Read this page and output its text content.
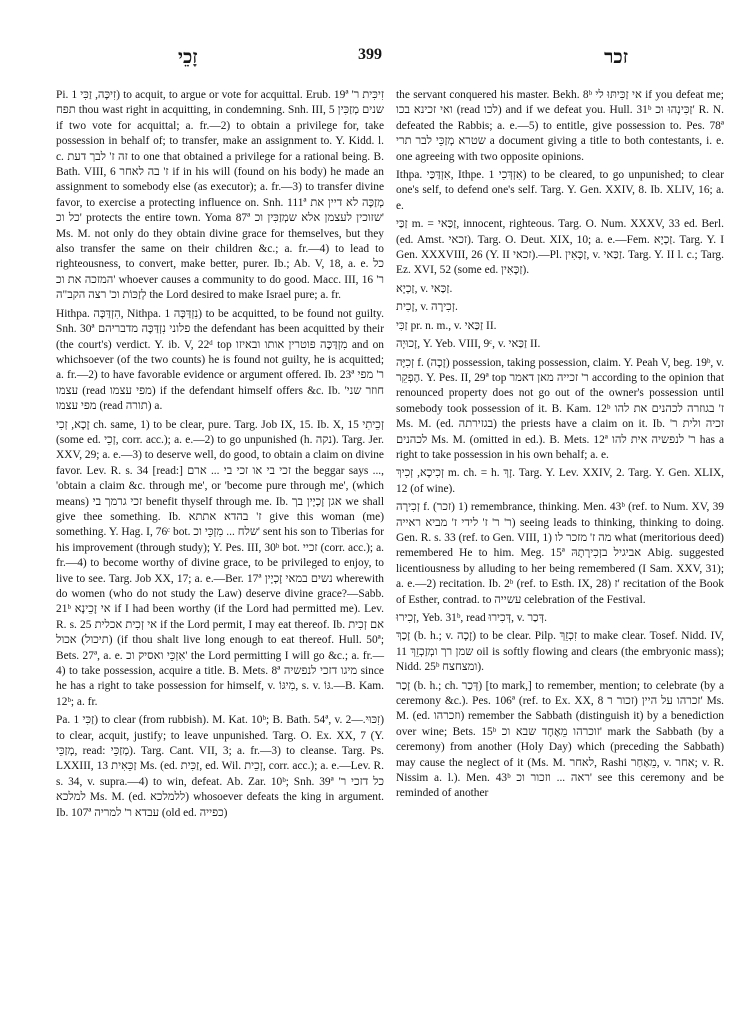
זָכֵי	399	זכר

Pi. זִיכָּה, זַכִּי 1) to acquit, to argue or vote for acquittal. Erub. 19ª זִיכִּית ר' תפח thou wast right in acquitting, in condemning. Snh. III, 5 שנים מְזַכִּין if two vote for acquittal; a. fr.—2) to obtain a privilege for, take possession in behalf of; to transfer, make an assignment to. Y. Kidd. l. c. זה ז' לבך דעת to one that obtained a privilege for a rational being. B. Bath. VIII, 6 ז' בה לאחר if in his will (found on his body) he made an assignment to somebody else (as executor); a. fr.—3) to transfer divine favor, to exercise a protecting influence on. Snh. 111ª מְזַכָּה לא דיין את כל וכ' protects the entire town. Yoma 87ª שזוכין לעצמן אלא שמְזַכִּין וכ' Ms. M. not only do they obtain divine grace for themselves, but they also transfer the same on their children &c.; a. fr.—4) to lead to righteousness, to convert, make better, purer. Ib.; Ab. V, 18, a. e. כל המזכה את וכ' whoever causes a community to do good. Macc. III, 16 ר' לְזַכּוֹת וכ' רצה הקב"ה the Lord desired to make Israel pure; a. fr.

Hithpa. הִזְדַּכָּה, Nithpa. נִזְדַּכָּה 1) to be acquitted, to be found not guilty. Snh. 30ª פלוני נִזְדַּכָּה מדבריהם the defendant has been acquitted by their (the court's) verdict. Y. ib. V, 22ᵈ top מִזְדַּכֶּה פוטרין אותו ובאיזו and on whichsoever (of the two counts) he is found not guilty, he is acquitted; a. fr.—2) to have favorable evidence or argument offered. Ib. 23ª ר' מפי עצמו (read מפי עצמו) if the defendant himself offers &c. Ib. חוזר שני' מפי עצמו (read תורה) a.

זָכָא, זְכִי ch. same, 1) to be clear, pure. Targ. Job IX, 15. Ib. X, 15 זְכֵיתִי (some ed. זְכֵי, corr. acc.); a. e.—2) to go unpunished (h. נקה). Targ. Jer. XXV, 29; a. e.—3) to deserve well, do good, to obtain a claim on divine favor. Lev. R. s. 34 [read:] זכי בי או זכי בי ... ארם the beggar says ..., 'obtain a claim &c. through me', or 'become pure through me', (which means) זכי גרמך בי benefit thyself through me. Ib. אגן זָכְיָין בך we shall give thee something. Ib. ז' בהדא אתתא give this woman (me) something. Y. Hag. I, 76ᶜ bot. שלח ... מִזְכֵּי וכ' sent his son to Tiberias for his improvement (through study); Y. Pes. III, 30ᵇ bot. זכיי (corr. acc.); a. fr.—4) to become worthy of divine grace, to be privileged to enjoy, to live to see. Targ. Job XX, 17; a. e.—Ber. 17ª נשים במאי זָכְיָין wherewith do women (who do not study the Law) deserve divine grace?—Sabb. 21ᵇ אי זָכֵינָא if I had been worthy (if the Lord had permitted me). Lev. R. s. 25 אי זְכִית אכלית if the Lord permit, I may eat thereof. Ib. אם זְכִית (תיכול) אכול (if thou shalt live long enough to eat thereof. Hull. 50ª; Bets. 27ª, a. e. אִזְכֵּי ואסיק וכ' the Lord permitting I will go &c.; a. fr.—4) to take possession, acquire a title. B. Mets. 8ª מיגו דזכי לנפשיה since he has a right to take possession for himself, v. מִיגּוֹ, s. v. גּוֹ.—B. Kam. 12ᵇ; a. fr.

Pa. זַכִּי 1) to clear (from rubbish). M. Kat. 10ᵇ; B. Bath. 54ª, v. זִכּוּי.—2) to clear, acquit, justify; to leave unpunished. Targ. O. Ex. XX, 7 (Y. מְזַכֵּי, read: מְזַכֵּי). Targ. Cant. VII, 3; a. fr.—3) to cleanse. Targ. Ps. LXXIII, 13 זַכֵּאִית Ms. (ed. זַכִּית, ed. Wil. זְכֵית, corr. acc.); a. e.—Lev. R. s. 34, v. supra.—4) to win, defeat. Ab. Zar. 10ᵇ; Snh. 39ª כל דזכי ר' למלכא Ms. M. (ed. ללמלכא) whosoever defeats the king in argument. Ib. 107ª עבדא ר' למריה (old ed. כפייה)

the servant conquered his master. Bekh. 8ᵇ אי זַכִּיתּוּ לי if you defeat me; ואי זכינא בכו (read לכו) and if we defeat you. Hull. 31ᵇ זַכִּינְהוּ וכ' R. N. defeated the Rabbis; a. e.—5) to entitle, give possession to. Pes. 78ª שטרא מְזַכֵּי לבר תרי a document giving a title to both contestants, i. e. one agreeing with two opposite opinions.

Ithpa. אִזְדַּכַּי, Ithpe. אִזְדְּכִי 1) to be cleared, to go unpunished; to clear one's self, to defend one's self. Targ. Y. Gen. XXIV, 8. Ib. XLIV, 16; a. e.

זַכַּי m. = זַכַּאי, innocent, righteous. Targ. O. Num. XXXV, 33 ed. Berl. (ed. Amst. זכאי). Targ. O. Deut. XIX, 10; a. e.—Fem. זַכְיָא. Targ. Y. I Gen. XXXVIII, 26 (Y. II זכאי).—Pl. זַכָּאִין, v. זַכַּאי. Targ. Y. II l. c.; Targ. Ez. XVI, 52 (some ed. זַכָּאִין).

זַכְיָא, v. זַכַּאי.

זָכִית, v. זְכִירָה.

זַכִּי pr. n. m., v. זַכַּאי II.

זָכוּיָה, Y. Yeb. VIII, 9ᶜ, v. זַכַּאי II.

זְכִיָּה f. (זָכָה) possession, taking possession, claim. Y. Peah V, beg. 19ᵇ, v. הֶפְקֵר. Y. Pes. II, 29ª top ר' זכייה מאן דאמר according to the opinion that renounced property does not go out of the owner's possession until somebody took possession of it. B. Kam. 12ᵇ ז' בגוזרה לכהנים את להו Ms. M. (ed. בגזירתה) the priests have a claim on it. Ib. זכיה ולית ר' לכהנים Ms. M. (omitted in ed.). B. Mets. 12ª ר' לנפשיה אית להו has a right to take possession in his own behalf; a. e.

זְכִיכָא, זְכִיךְ m. ch. = h. זָךְ. Targ. Y. Lev. XXIV, 2. Targ. Y. Gen. XLIX, 12 (of wine).

זְכִירָה f. (זכר) 1) remembrance, thinking. Men. 43ᵇ (ref. to Num. XV, 39 ר' ר' ז' לידי ז' מביא ראייה) seeing leads to thinking, thinking to doing. Gen. R. s. 33 (ref. to Gen. VIII, 1) מה ז' מזכר לו what (meritorious deed) remembered He to him. Meg. 15ª אביגיל בזְכִירָתָהּ Abig. suggested licentiousness by alluding to her being remembered (I Sam. XXV, 31); a. e.—2) recitation. Ib. 2ᵇ (ref. to Esth. IX, 28) ז' recitation of the Book of Esther, contrad. to עשייה celebration of the Festival.

זְכִירוּ, Yeb. 31ᵇ, read דְּכִירוּ, v. דְּכַר.

זָכַךְ (b. h.; v. זָכָה) to be clear. Pilp. זִכְזֵךְ to make clear. Tosef. Nidd. IV, 11 שמן רך ומְזַכְזֵךְ oil is softly flowing and clears (the embryonic mass); Nidd. 25ᵇ ומצחצח).

זָכַר (b. h.; ch. דְּכַר) [to mark,] to remember, mention; to celebrate (by a ceremony &c.). Pes. 106ª (ref. to Ex. XX, 8 זכרהו על היין (זכור ר' Ms. M. (ed. וזכרהו) remember the Sabbath (distinguish it) by a benediction over wine; Bets. 15ᵇ זוכרהו מֵאֶחָד שבא וכ' mark the Sabbath (by a ceremony) from another (Holy Day) which (preceding the Sabbath) may cause the neglect of it (Ms. M. לאחר, Rashi מֵאַחַר, v. אחר; v. R. Nissim a. l.). Men. 43ᵇ ראה ... וזכור וכ' see this ceremony and be reminded of another
